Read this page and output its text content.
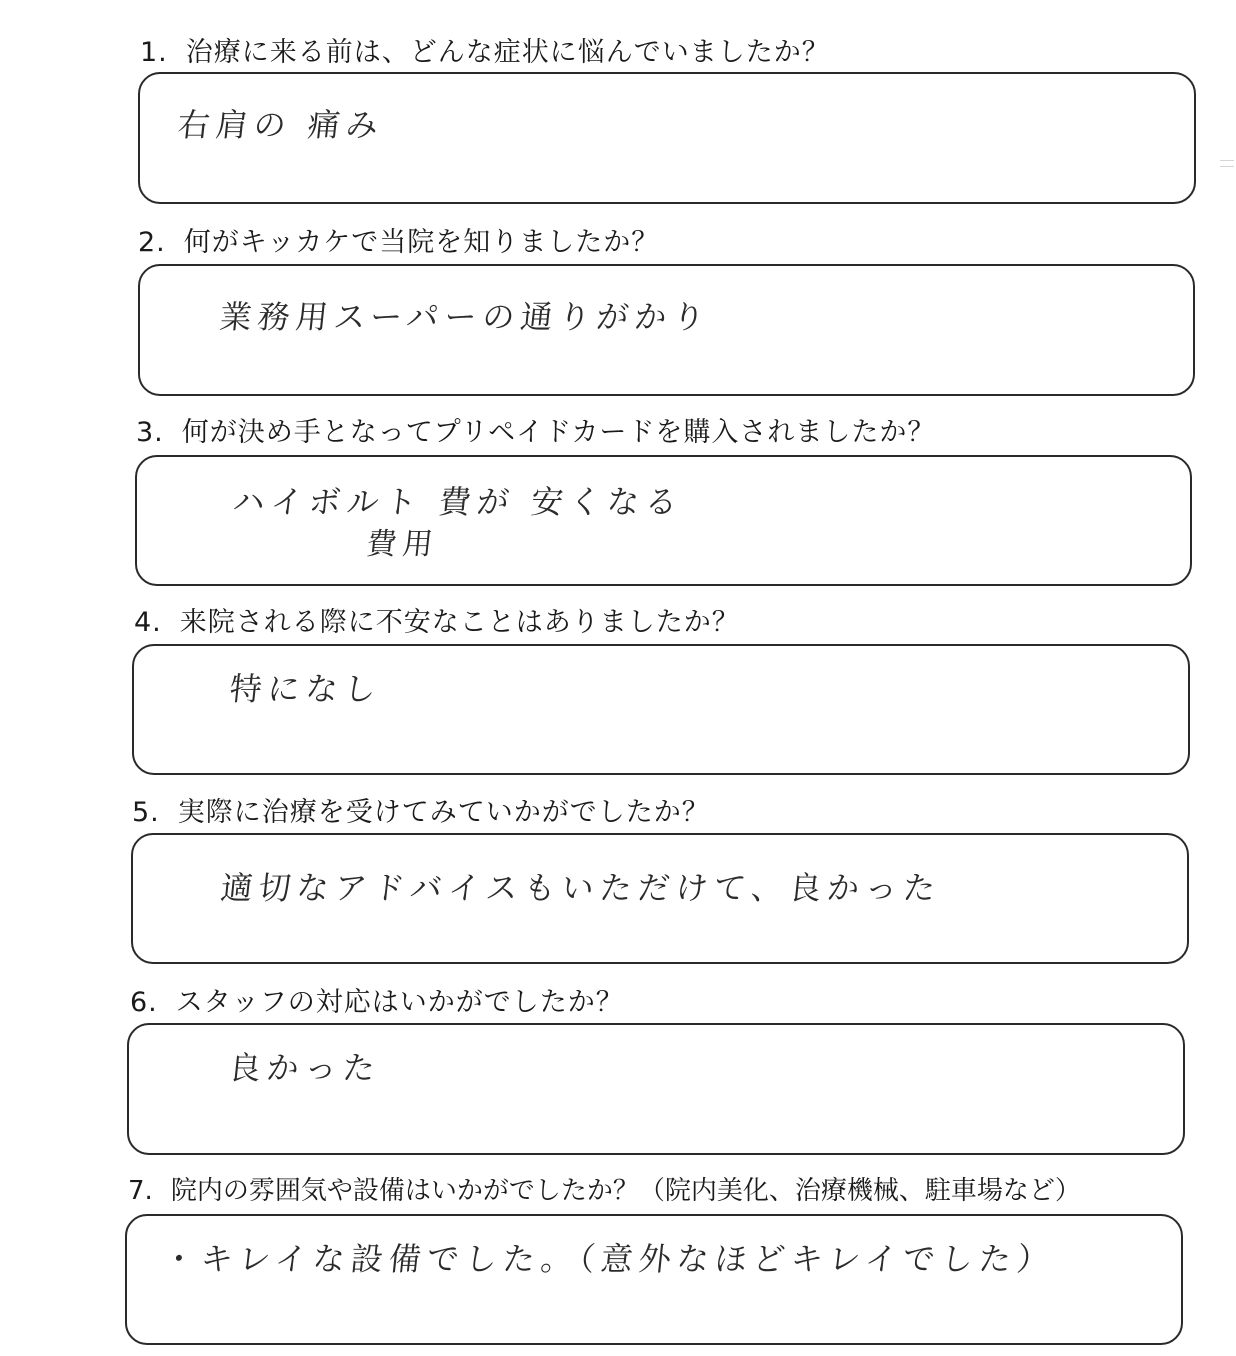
1. 治療に来る前は、どんな症状に悩んでいましたか？
右肩の 痛み
2. 何がキッカケで当院を知りましたか？
業務用スーパーの通りがかり
3. 何が決め手となってプリペイドカードを購入されましたか？
ハイボルト 費が 安くなる
費用
4. 来院される際に不安なことはありましたか？
特になし
5. 実際に治療を受けてみていかがでしたか？
適切なアドバイスもいただけて、良かった
6. スタッフの対応はいかがでしたか？
良かった
7. 院内の雰囲気や設備はいかがでしたか？（院内美化、治療機械、駐車場など）
・キレイな設備でした。（意外なほどキレイでした）
